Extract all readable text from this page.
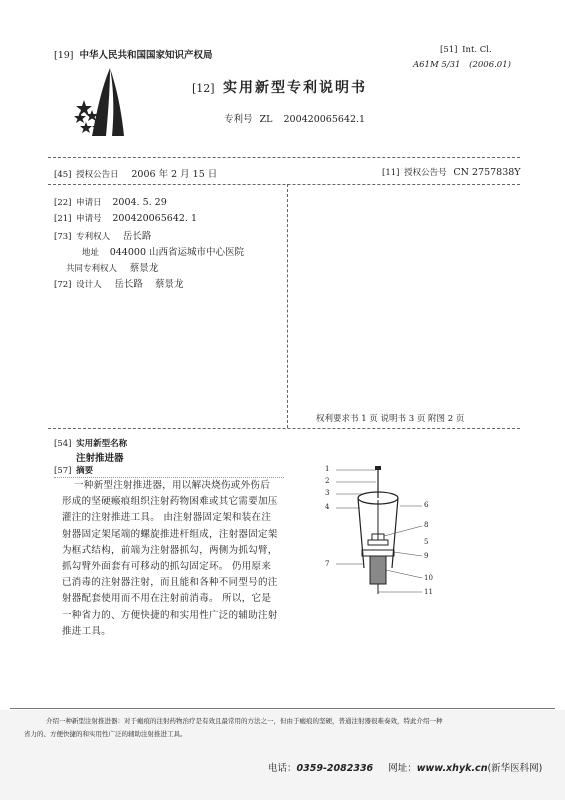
[19] 中华人民共和国国家知识产权局	[51] Int. Cl.
A61M 5/31 (2006.01)
[12] 实用新型专利说明书
专利号 ZL 200420065642.1
[45] 授权公告日 2006 年 2 月 15 日	[11] 授权公告号 CN 2757838Y
[22] 申请日 2004. 5. 29
[21] 申请号 200420065642. 1
[73] 专利权人 岳长路
地址 044000 山西省运城市中心医院
共同专利权人 蔡景龙
[72] 设计人 岳长路    蔡景龙
权利要求书 1 页 说明书 3 页 附图 2 页
[54] 实用新型名称
注射推进器
[57] 摘要

一种新型注射推进器，用以解决烧伤或外伤后

形成的坚硬瘢痕组织注射药物困难或其它需要加压

灌注的注射推进工具。 由注射器固定架和装在注

射器固定架尾端的螺旋推进杆组成，注射器固定架

为框式结构，前端为注射器抓勾，两侧为抓勾臂，

抓勾臂外面套有可移动的抓勾固定环。 仍用原来

已消毒的注射器注射，而且能和各种不同型号的注

射器配套使用而不用在注射前消毒。 所以，它是

一种省力的、方便快捷的和实用性广泛的辅助注射

推进工具。

1
2
3
4
7
6
8
5
9
10
11
介绍一种新型注射推进器：对于瘢痕的注射药物治疗是有效且最常用的方法之一，但由于瘢痕的坚硬，普通注射器很难奏效，特此介绍一种
省力的、方便快捷的和实用性广泛的辅助注射推进工具。
电话：0359-2082336 网址：www.xhyk.cn(新华医科网)
